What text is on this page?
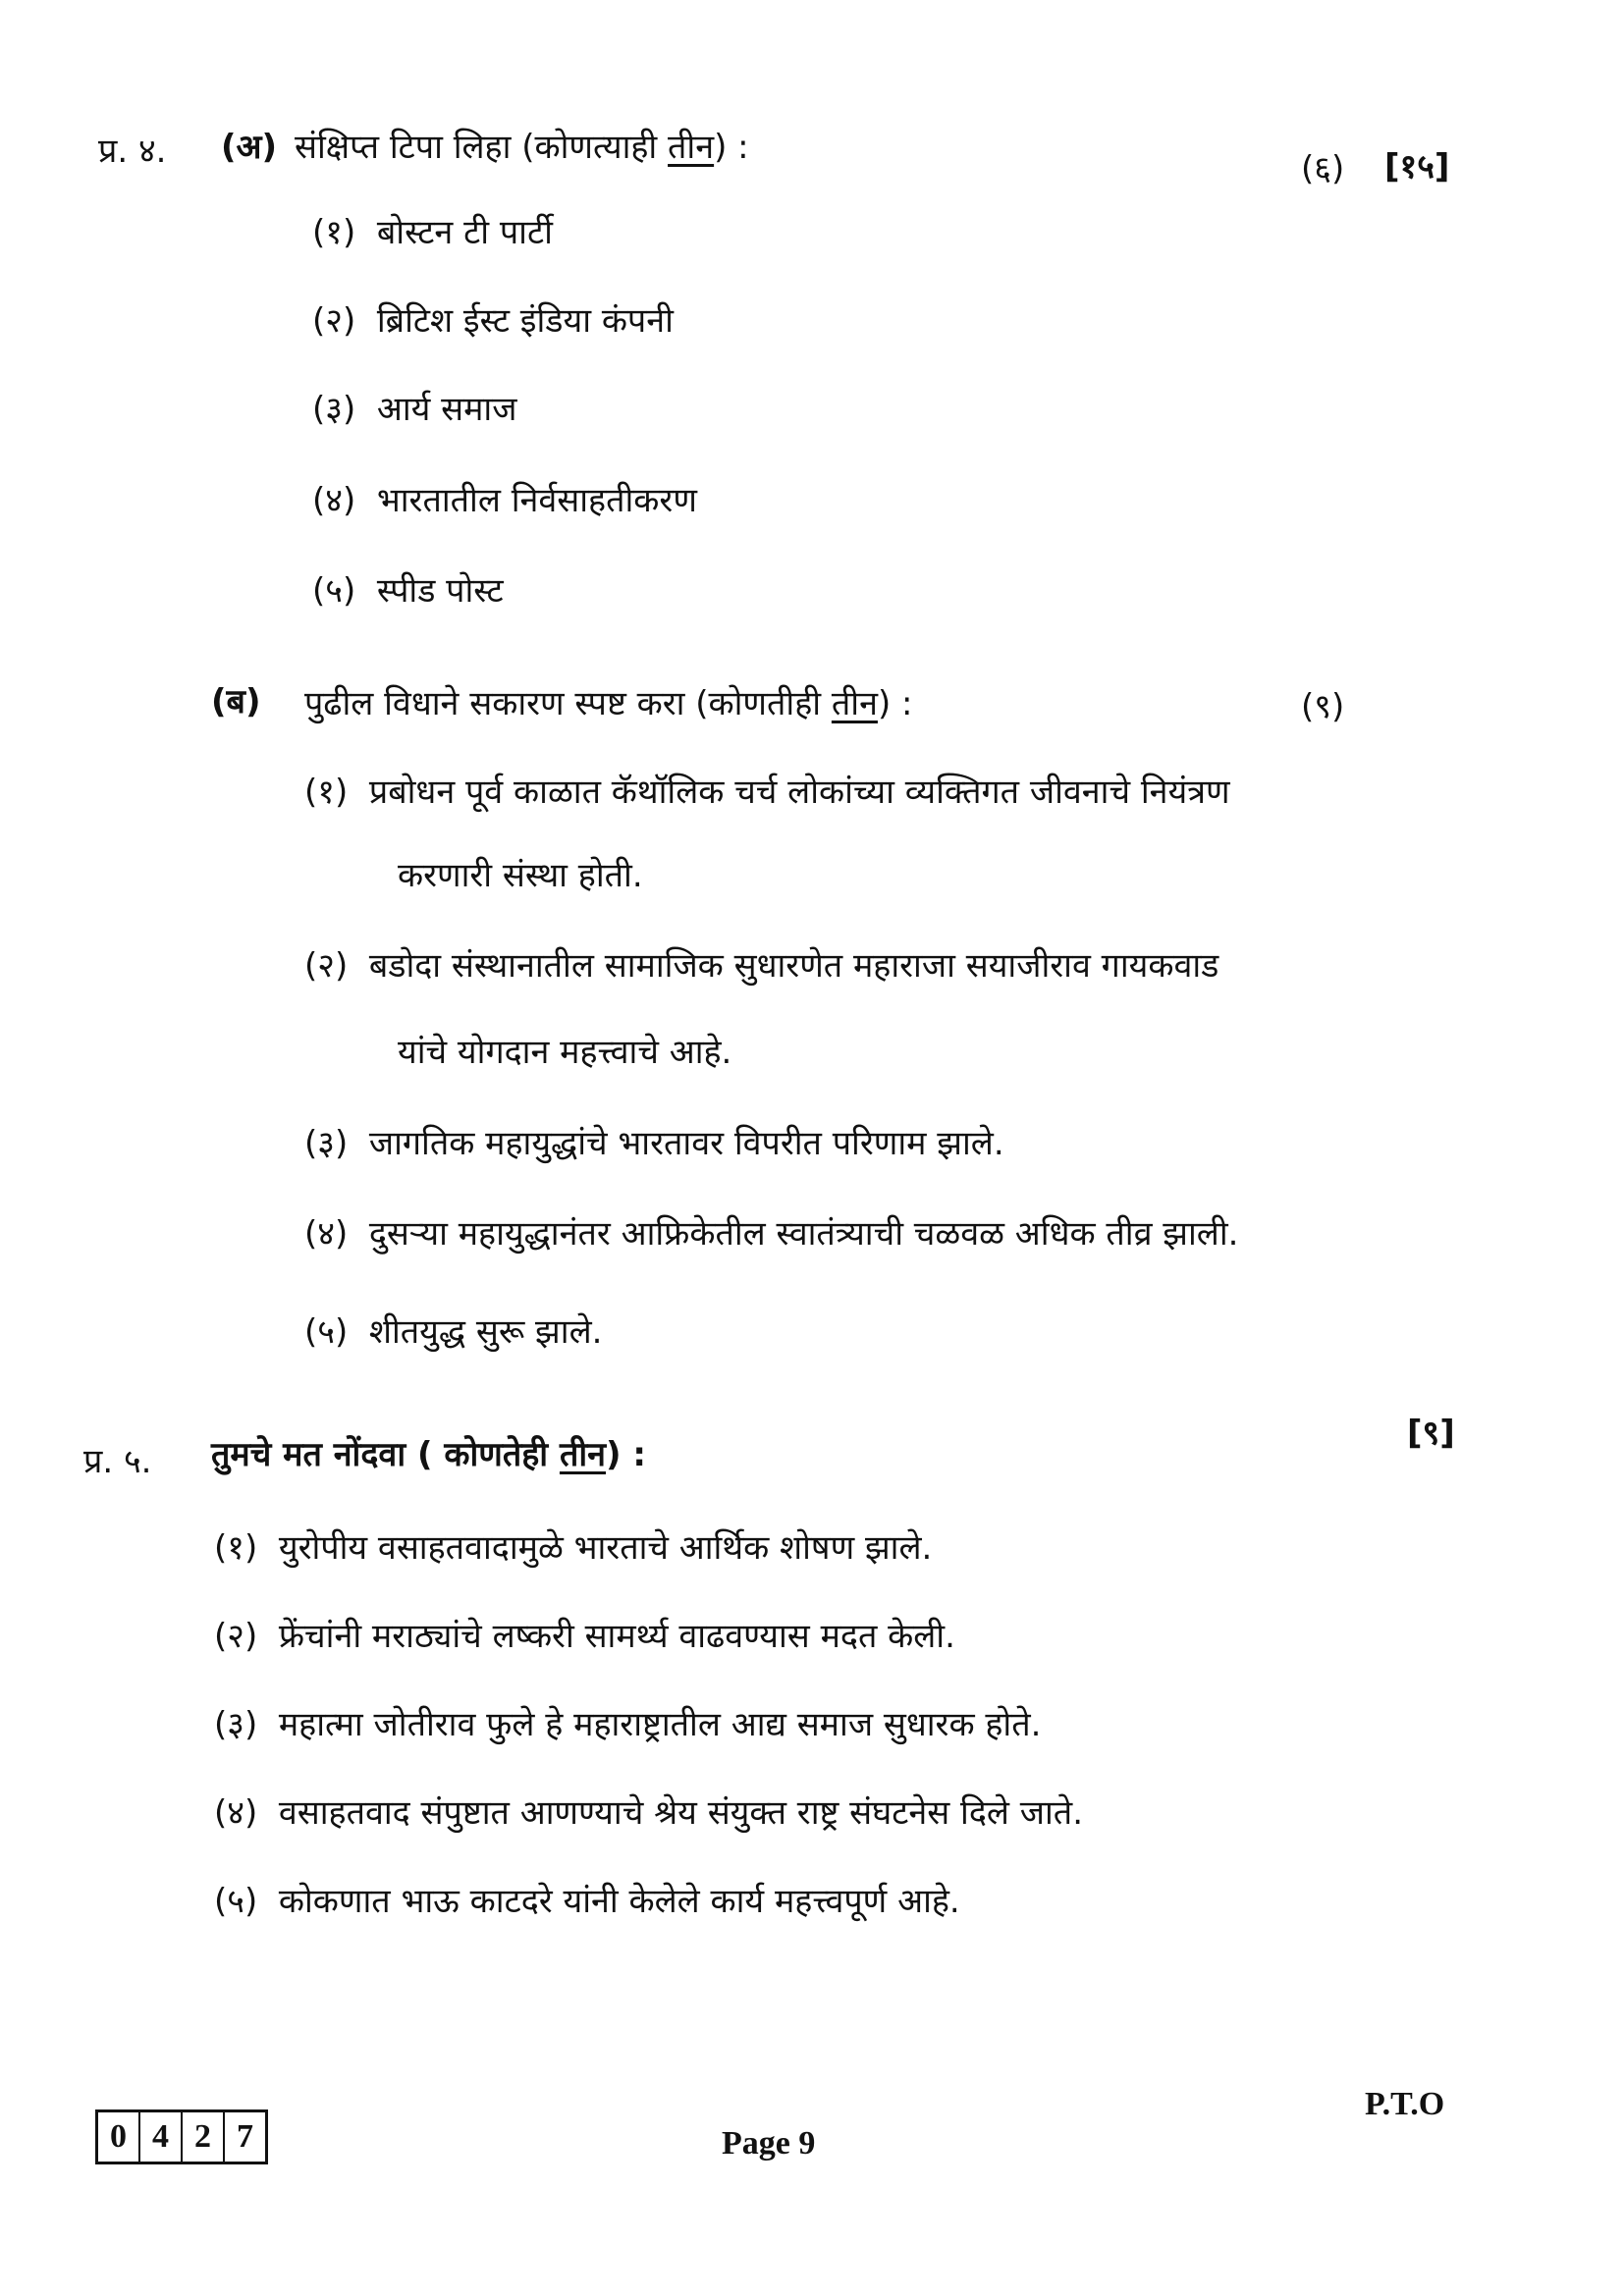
प्र. ४. (अ) संक्षिप्त टिपा लिहा (कोणत्याही तीन) :
(६) [१५]
(१) बोस्टन टी पार्टी
(२) ब्रिटिश ईस्ट इंडिया कंपनी
(३) आर्य समाज
(४) भारतातील निर्वसाहतीकरण
(५) स्पीड पोस्ट
(ब) पुढील विधाने सकारण स्पष्ट करा (कोणतीही तीन) :	(९)
(१) प्रबोधन पूर्व काळात कॅथॉलिक चर्च लोकांच्या व्यक्तिगत जीवनाचे नियंत्रण
करणारी संस्था होती.
(२) बडोदा संस्थानातील सामाजिक सुधारणेत महाराजा सयाजीराव गायकवाड
यांचे योगदान महत्त्वाचे आहे.
(३) जागतिक महायुद्धांचे भारतावर विपरीत परिणाम झाले.
(४) दुसऱ्या महायुद्धानंतर आफ्रिकेतील स्वातंत्र्याची चळवळ अधिक तीव्र झाली.
(५) शीतयुद्ध सुरू झाले.
प्र. ५. तुमचे मत नोंदवा ( कोणतेही तीन) :
[९]
(१) युरोपीय वसाहतवादामुळे भारताचे आर्थिक शोषण झाले.
(२) फ्रेंचांनी मराठ्यांचे लष्करी सामर्थ्य वाढवण्यास मदत केली.
(३) महात्मा जोतीराव फुले हे महाराष्ट्रातील आद्य समाज सुधारक होते.
(४) वसाहतवाद संपुष्टात आणण्याचे श्रेय संयुक्त राष्ट्र संघटनेस दिले जाते.
(५) कोकणात भाऊ काटदरे यांनी केलेले कार्य महत्त्वपूर्ण आहे.
0 4 2 7	Page 9
P.T.O
